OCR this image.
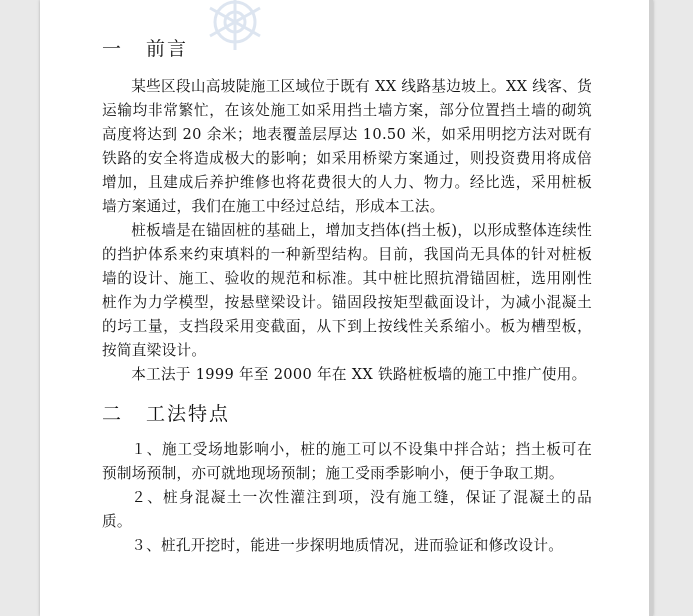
一 前言

某些区段山高坡陡施工区域位于既有 XX 线路基边坡上。XX 线客、货运输均非常繁忙，在该处施工如采用挡土墙方案，部分位置挡土墙的砌筑高度将达到 20 余米；地表覆盖层厚达 10.50 米，如采用明挖方法对既有铁路的安全将造成极大的影响；如采用桥梁方案通过，则投资费用将成倍增加，且建成后养护维修也将花费很大的人力、物力。经比选，采用桩板墙方案通过，我们在施工中经过总结，形成本工法。

桩板墙是在锚固桩的基础上，增加支挡体(挡土板)，以形成整体连续性的挡护体系来约束填料的一种新型结构。目前，我国尚无具体的针对桩板墙的设计、施工、验收的规范和标准。其中桩比照抗滑锚固桩，选用刚性桩作为力学模型，按悬壁梁设计。锚固段按矩型截面设计，为减小混凝土的圬工量，支挡段采用变截面，从下到上按线性关系缩小。板为槽型板，按简直梁设计。

本工法于 1999 年至 2000 年在 XX 铁路桩板墙的施工中推广使用。

二 工法特点

１、施工受场地影响小，桩的施工可以不设集中拌合站；挡土板可在预制场预制，亦可就地现场预制；施工受雨季影响小，便于争取工期。

２、桩身混凝土一次性灌注到项，没有施工缝，保证了混凝土的品质。

３、桩孔开挖时，能进一步探明地质情况，进而验证和修改设计。
